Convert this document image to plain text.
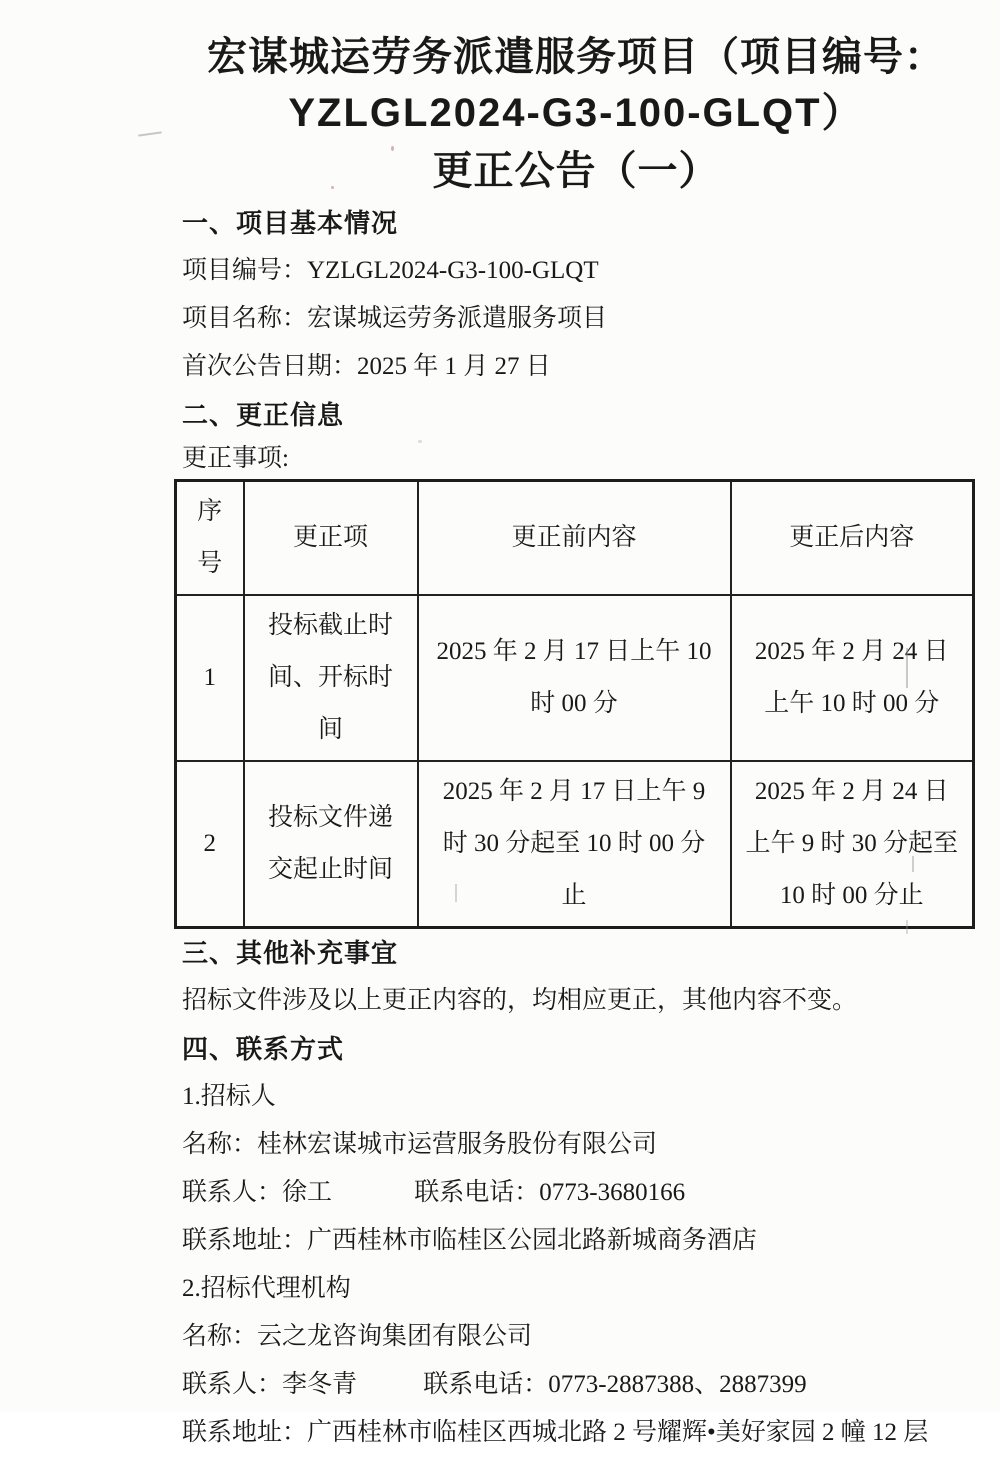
宏谋城运劳务派遣服务项目（项目编号：
YZLGL2024-G3-100-GLQT）
更正公告（一）
一、项目基本情况
项目编号：YZLGL2024-G3-100-GLQT
项目名称：宏谋城运劳务派遣服务项目
首次公告日期：2025 年 1 月 27 日
二、更正信息
更正事项:
序号	更正项	更正前内容	更正后内容
1	投标截止时间、开标时间	2025 年 2 月 17 日上午 10 时 00 分	2025 年 2 月 24 日上午 10 时 00 分
2	投标文件递交起止时间	2025 年 2 月 17 日上午 9 时 30 分起至 10 时 00 分止	2025 年 2 月 24 日上午 9 时 30 分起至 10 时 00 分止
三、其他补充事宜
招标文件涉及以上更正内容的，均相应更正，其他内容不变。
四、联系方式
1.招标人
名称：桂林宏谋城市运营服务股份有限公司
联系人：徐工	联系电话：0773-3680166
联系地址：广西桂林市临桂区公园北路新城商务酒店
2.招标代理机构
名称：云之龙咨询集团有限公司
联系人：李冬青	联系电话：0773-2887388、2887399
联系地址：广西桂林市临桂区西城北路 2 号耀辉•美好家园 2 幢 12 层
